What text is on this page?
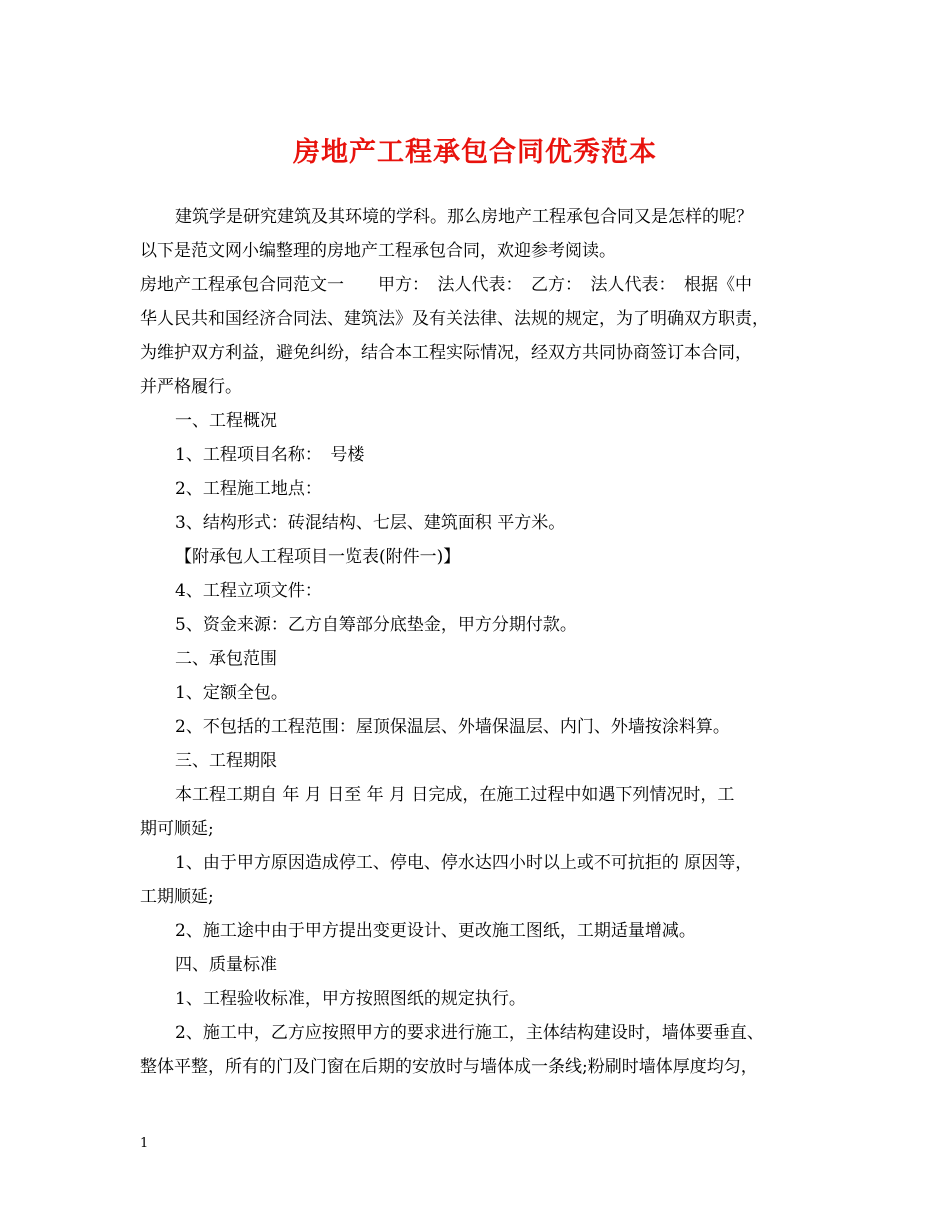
房地产工程承包合同优秀范本

建筑学是研究建筑及其环境的学科。那么房地产工程承包合同又是怎样的呢？

以下是范文网小编整理的房地产工程承包合同，欢迎参考阅读。

房地产工程承包合同范文一　　甲方：　法人代表：　乙方：　法人代表：　根据《中

华人民共和国经济合同法、建筑法》及有关法律、法规的规定，为了明确双方职责，

为维护双方利益，避免纠纷，结合本工程实际情况，经双方共同协商签订本合同，

并严格履行。

一、工程概况

1、工程项目名称：　号楼

2、工程施工地点：

3、结构形式：砖混结构、七层、建筑面积 平方米。

【附承包人工程项目一览表(附件一)】

4、工程立项文件：

5、资金来源：乙方自筹部分底垫金，甲方分期付款。

二、承包范围

1、定额全包。

2、不包括的工程范围：屋顶保温层、外墙保温层、内门、外墙按涂料算。

三、工程期限

本工程工期自 年 月 日至 年 月 日完成，在施工过程中如遇下列情况时，工

期可顺延;

1、由于甲方原因造成停工、停电、停水达四小时以上或不可抗拒的 原因等，

工期顺延;

2、施工途中由于甲方提出变更设计、更改施工图纸，工期适量增减。

四、质量标准

1、工程验收标准，甲方按照图纸的规定执行。

2、施工中，乙方应按照甲方的要求进行施工，主体结构建设时，墙体要垂直、

整体平整，所有的门及门窗在后期的安放时与墙体成一条线;粉刷时墙体厚度均匀，

1
